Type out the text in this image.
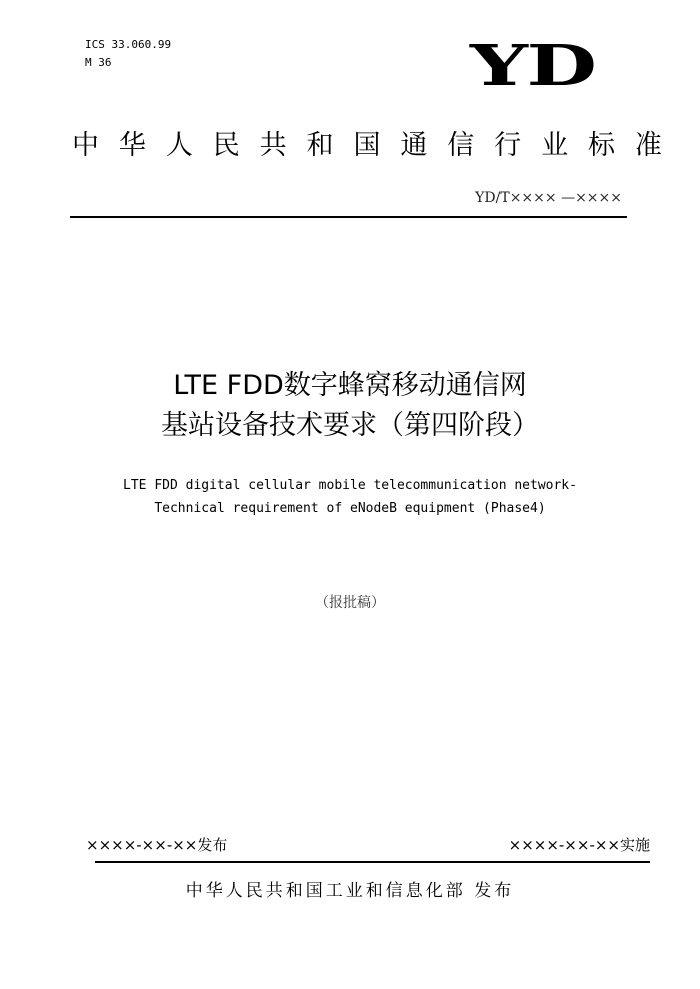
ICS 33.060.99
M 36	YD
中 华 人 民 共 和 国 通 信 行 业 标 准
YD/T×××× —××××
LTE FDD数字蜂窝移动通信网
基站设备技术要求（第四阶段）
LTE FDD digital cellular mobile telecommunication network-
Technical requirement of eNodeB equipment (Phase4)
（报批稿）
××××-××-××发布	××××-××-××实施
中华人民共和国工业和信息化部 发布
